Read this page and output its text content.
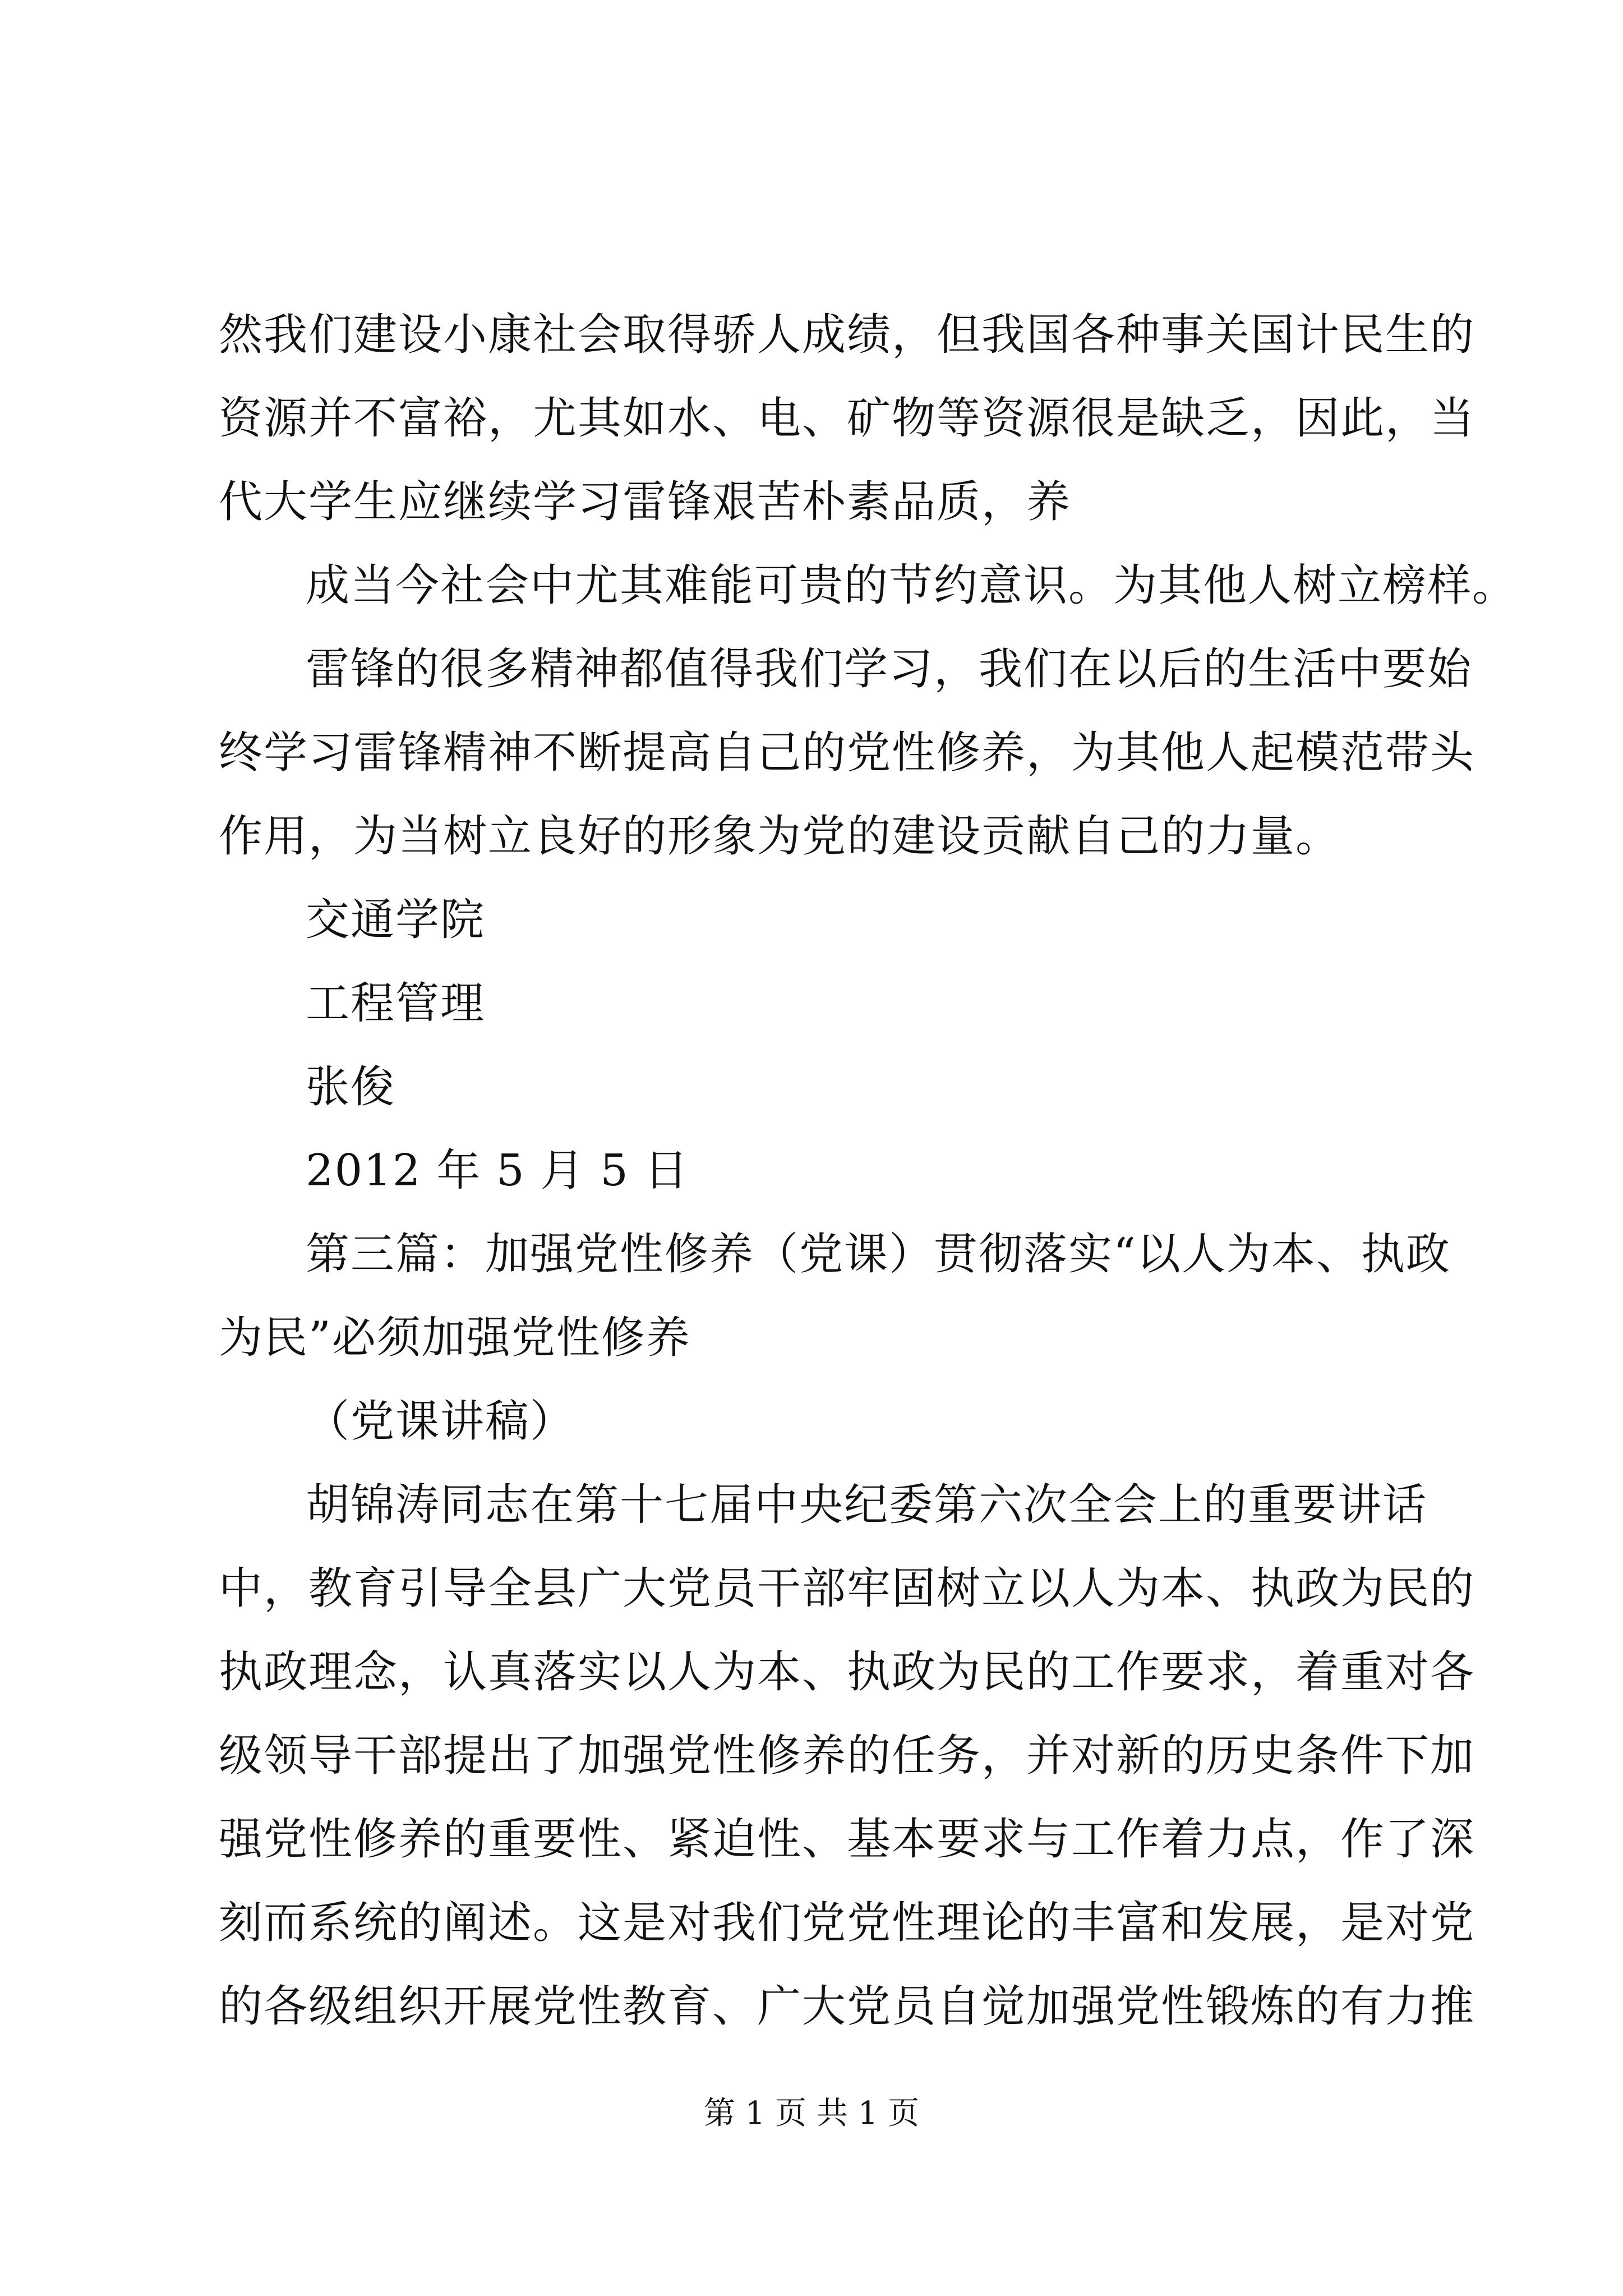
然我们建设小康社会取得骄人成绩，但我国各种事关国计民生的
资源并不富裕，尤其如水、电、矿物等资源很是缺乏，因此，当
代大学生应继续学习雷锋艰苦朴素品质，养
成当今社会中尤其难能可贵的节约意识。为其他人树立榜样。
雷锋的很多精神都值得我们学习，我们在以后的生活中要始
终学习雷锋精神不断提高自己的党性修养，为其他人起模范带头
作用，为当树立良好的形象为党的建设贡献自己的力量。
交通学院
工程管理
张俊
2012 年 5 月 5 日
第三篇：加强党性修养（党课）贯彻落实“以人为本、执政
为民”必须加强党性修养
（党课讲稿）
胡锦涛同志在第十七届中央纪委第六次全会上的重要讲话
中，教育引导全县广大党员干部牢固树立以人为本、执政为民的
执政理念，认真落实以人为本、执政为民的工作要求，着重对各
级领导干部提出了加强党性修养的任务，并对新的历史条件下加
强党性修养的重要性、紧迫性、基本要求与工作着力点，作了深
刻而系统的阐述。这是对我们党党性理论的丰富和发展，是对党
的各级组织开展党性教育、广大党员自觉加强党性锻炼的有力推
第 1 页 共 1 页
